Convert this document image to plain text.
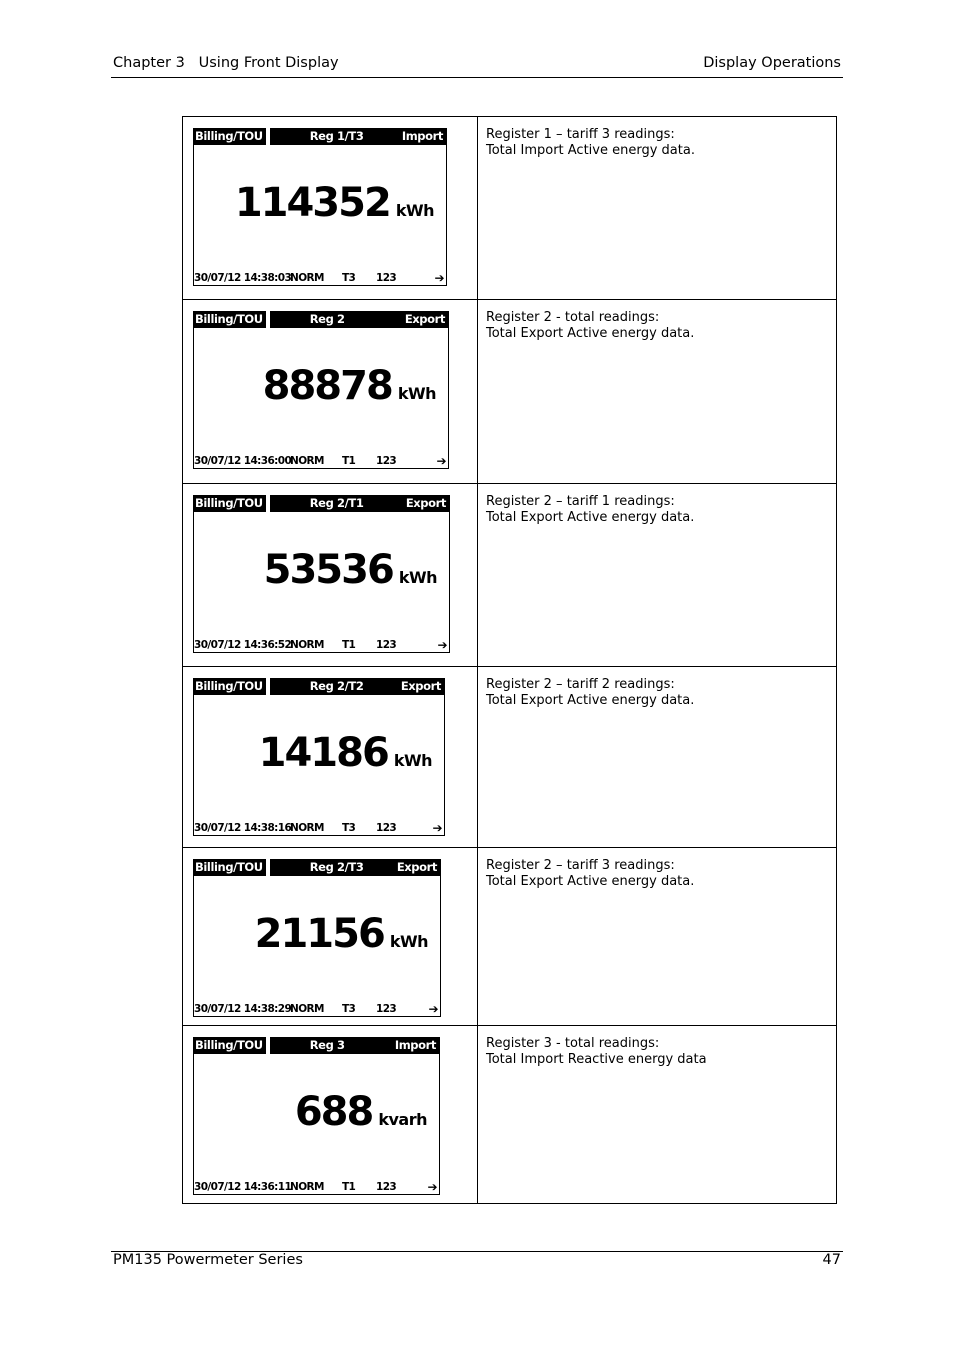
Chapter 3   Using Front Display	Display Operations
Billing/TOU	Reg 1/T3	Import
114352 kWh
30/07/12 14:38:03
NORM	T3	123	➔
Register 1 – tariff 3 readings:
Total Import Active energy data.
Billing/TOU	Reg 2	Export
88878 kWh
30/07/12 14:36:00
NORM	T1	123	➔
Register 2 - total readings:
Total Export Active energy data.
Billing/TOU	Reg 2/T1	Export
53536 kWh
30/07/12 14:36:52
NORM	T1	123	➔
Register 2 – tariff 1 readings:
Total Export Active energy data.
Billing/TOU	Reg 2/T2	Export
14186 kWh
30/07/12 14:38:16
NORM	T3	123	➔
Register 2 – tariff 2 readings:
Total Export Active energy data.
Billing/TOU	Reg 2/T3	Export
21156 kWh
30/07/12 14:38:29
NORM	T3	123	➔
Register 2 – tariff 3 readings:
Total Export Active energy data.
Billing/TOU	Reg 3	Import
688 kvarh
30/07/12 14:36:11
NORM	T1	123	➔
Register 3 - total readings:
Total Import Reactive energy data
PM135 Powermeter Series	47
